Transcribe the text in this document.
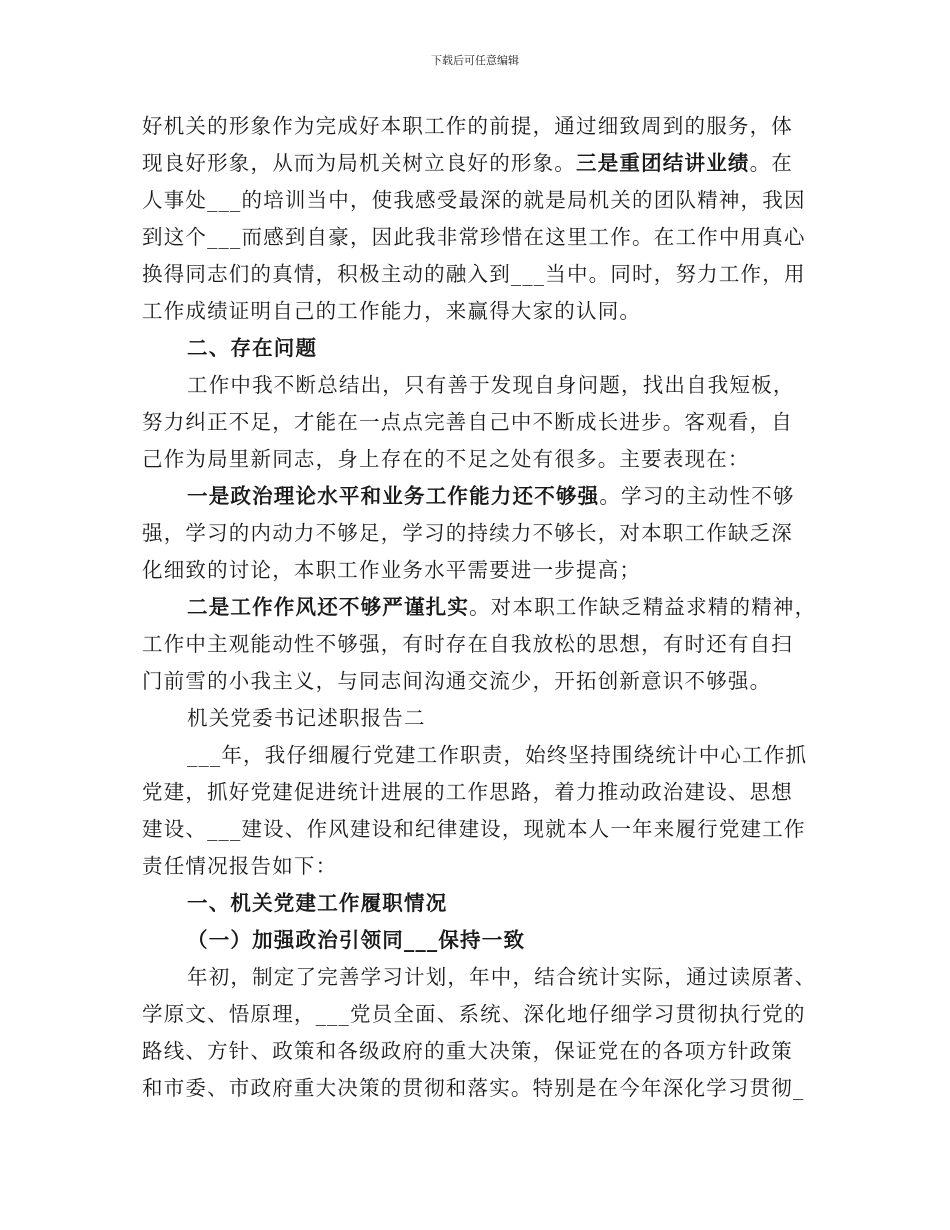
下载后可任意编辑
好机关的形象作为完成好本职工作的前提，通过细致周到的服务，体
现良好形象，从而为局机关树立良好的形象。三是重团结讲业绩。在
人事处___的培训当中，使我感受最深的就是局机关的团队精神，我因
到这个___而感到自豪，因此我非常珍惜在这里工作。在工作中用真心
换得同志们的真情，积极主动的融入到___当中。同时，努力工作，用
工作成绩证明自己的工作能力，来赢得大家的认同。
二、存在问题
工作中我不断总结出，只有善于发现自身问题，找出自我短板，
努力纠正不足，才能在一点点完善自己中不断成长进步。客观看，自
己作为局里新同志，身上存在的不足之处有很多。主要表现在：
一是政治理论水平和业务工作能力还不够强。学习的主动性不够
强，学习的内动力不够足，学习的持续力不够长，对本职工作缺乏深
化细致的讨论，本职工作业务水平需要进一步提高；
二是工作作风还不够严谨扎实。对本职工作缺乏精益求精的精神，
工作中主观能动性不够强，有时存在自我放松的思想，有时还有自扫
门前雪的小我主义，与同志间沟通交流少，开拓创新意识不够强。
机关党委书记述职报告二
___年，我仔细履行党建工作职责，始终坚持围绕统计中心工作抓
党建，抓好党建促进统计进展的工作思路，着力推动政治建设、思想
建设、___建设、作风建设和纪律建设，现就本人一年来履行党建工作
责任情况报告如下：
一、机关党建工作履职情况
（一）加强政治引领同___保持一致
年初，制定了完善学习计划，年中，结合统计实际，通过读原著、
学原文、悟原理，___党员全面、系统、深化地仔细学习贯彻执行党的
路线、方针、政策和各级政府的重大决策，保证党在的各项方针政策
和市委、市政府重大决策的贯彻和落实。特别是在今年深化学习贯彻_
